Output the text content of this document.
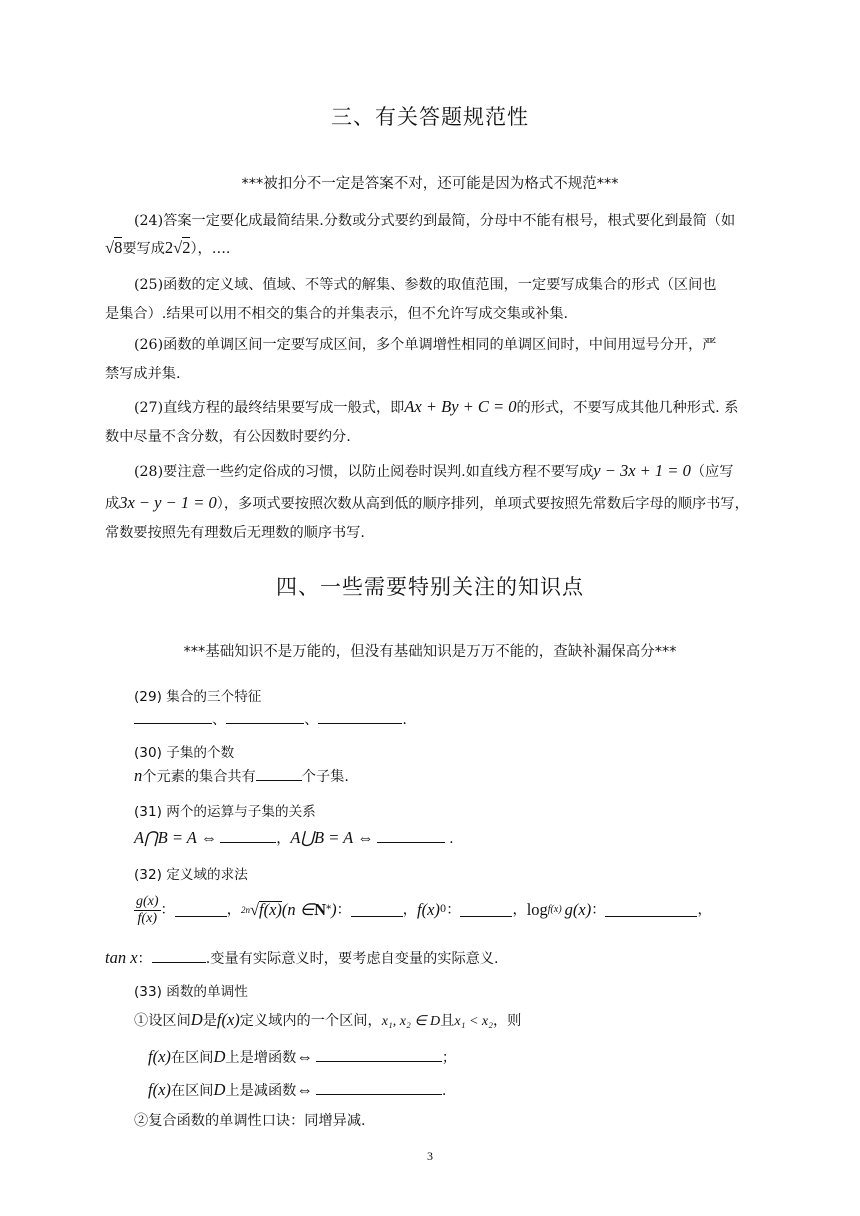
三、有关答题规范性
***被扣分不一定是答案不对，还可能是因为格式不规范***
(24)答案一定要化成最简结果.分数或分式要约到最简，分母中不能有根号，根式要化到最简（如
√8要写成2√2），….
(25)函数的定义域、值域、不等式的解集、参数的取值范围，一定要写成集合的形式（区间也
是集合）.结果可以用不相交的集合的并集表示，但不允许写成交集或补集.
(26)函数的单调区间一定要写成区间，多个单调增性相同的单调区间时，中间用逗号分开，严
禁写成并集.
(27)直线方程的最终结果要写成一般式，即Ax + By + C = 0的形式，不要写成其他几种形式. 系
数中尽量不含分数，有公因数时要约分.
(28)要注意一些约定俗成的习惯，以防止阅卷时误判.如直线方程不要写成y − 3x + 1 = 0（应写
成3x − y − 1 = 0），多项式要按照次数从高到低的顺序排列，单项式要按照先常数后字母的顺序书写，
常数要按照先有理数后无理数的顺序书写.
四、一些需要特别关注的知识点
***基础知识不是万能的，但没有基础知识是万万不能的，查缺补漏保高分***
(29) 集合的三个特征
、	、	.
(30) 子集的个数
n个元素的集合共有	个子集.
(31) 两个的运算与子集的关系
A⋂B = A ⇔	，A⋃B = A ⇔	.
(32) 定义域的求法
$\frac{g(x)}{f(x)}$ ：	， 2n √ f(x) (n ∈ N * ) ：	， f(x) 0 ：	， log f(x) g(x) ：	，
tan x：	.变量有实际意义时，要考虑自变量的实际意义.
(33) 函数的单调性
①设区间D是f(x)定义域内的一个区间，x₁, x₂ ∈ D且x₁ < x₂，则
f(x)在区间D上是增函数⇔	；
f(x)在区间D上是减函数⇔	.
②复合函数的单调性口诀：同增异减.
3
